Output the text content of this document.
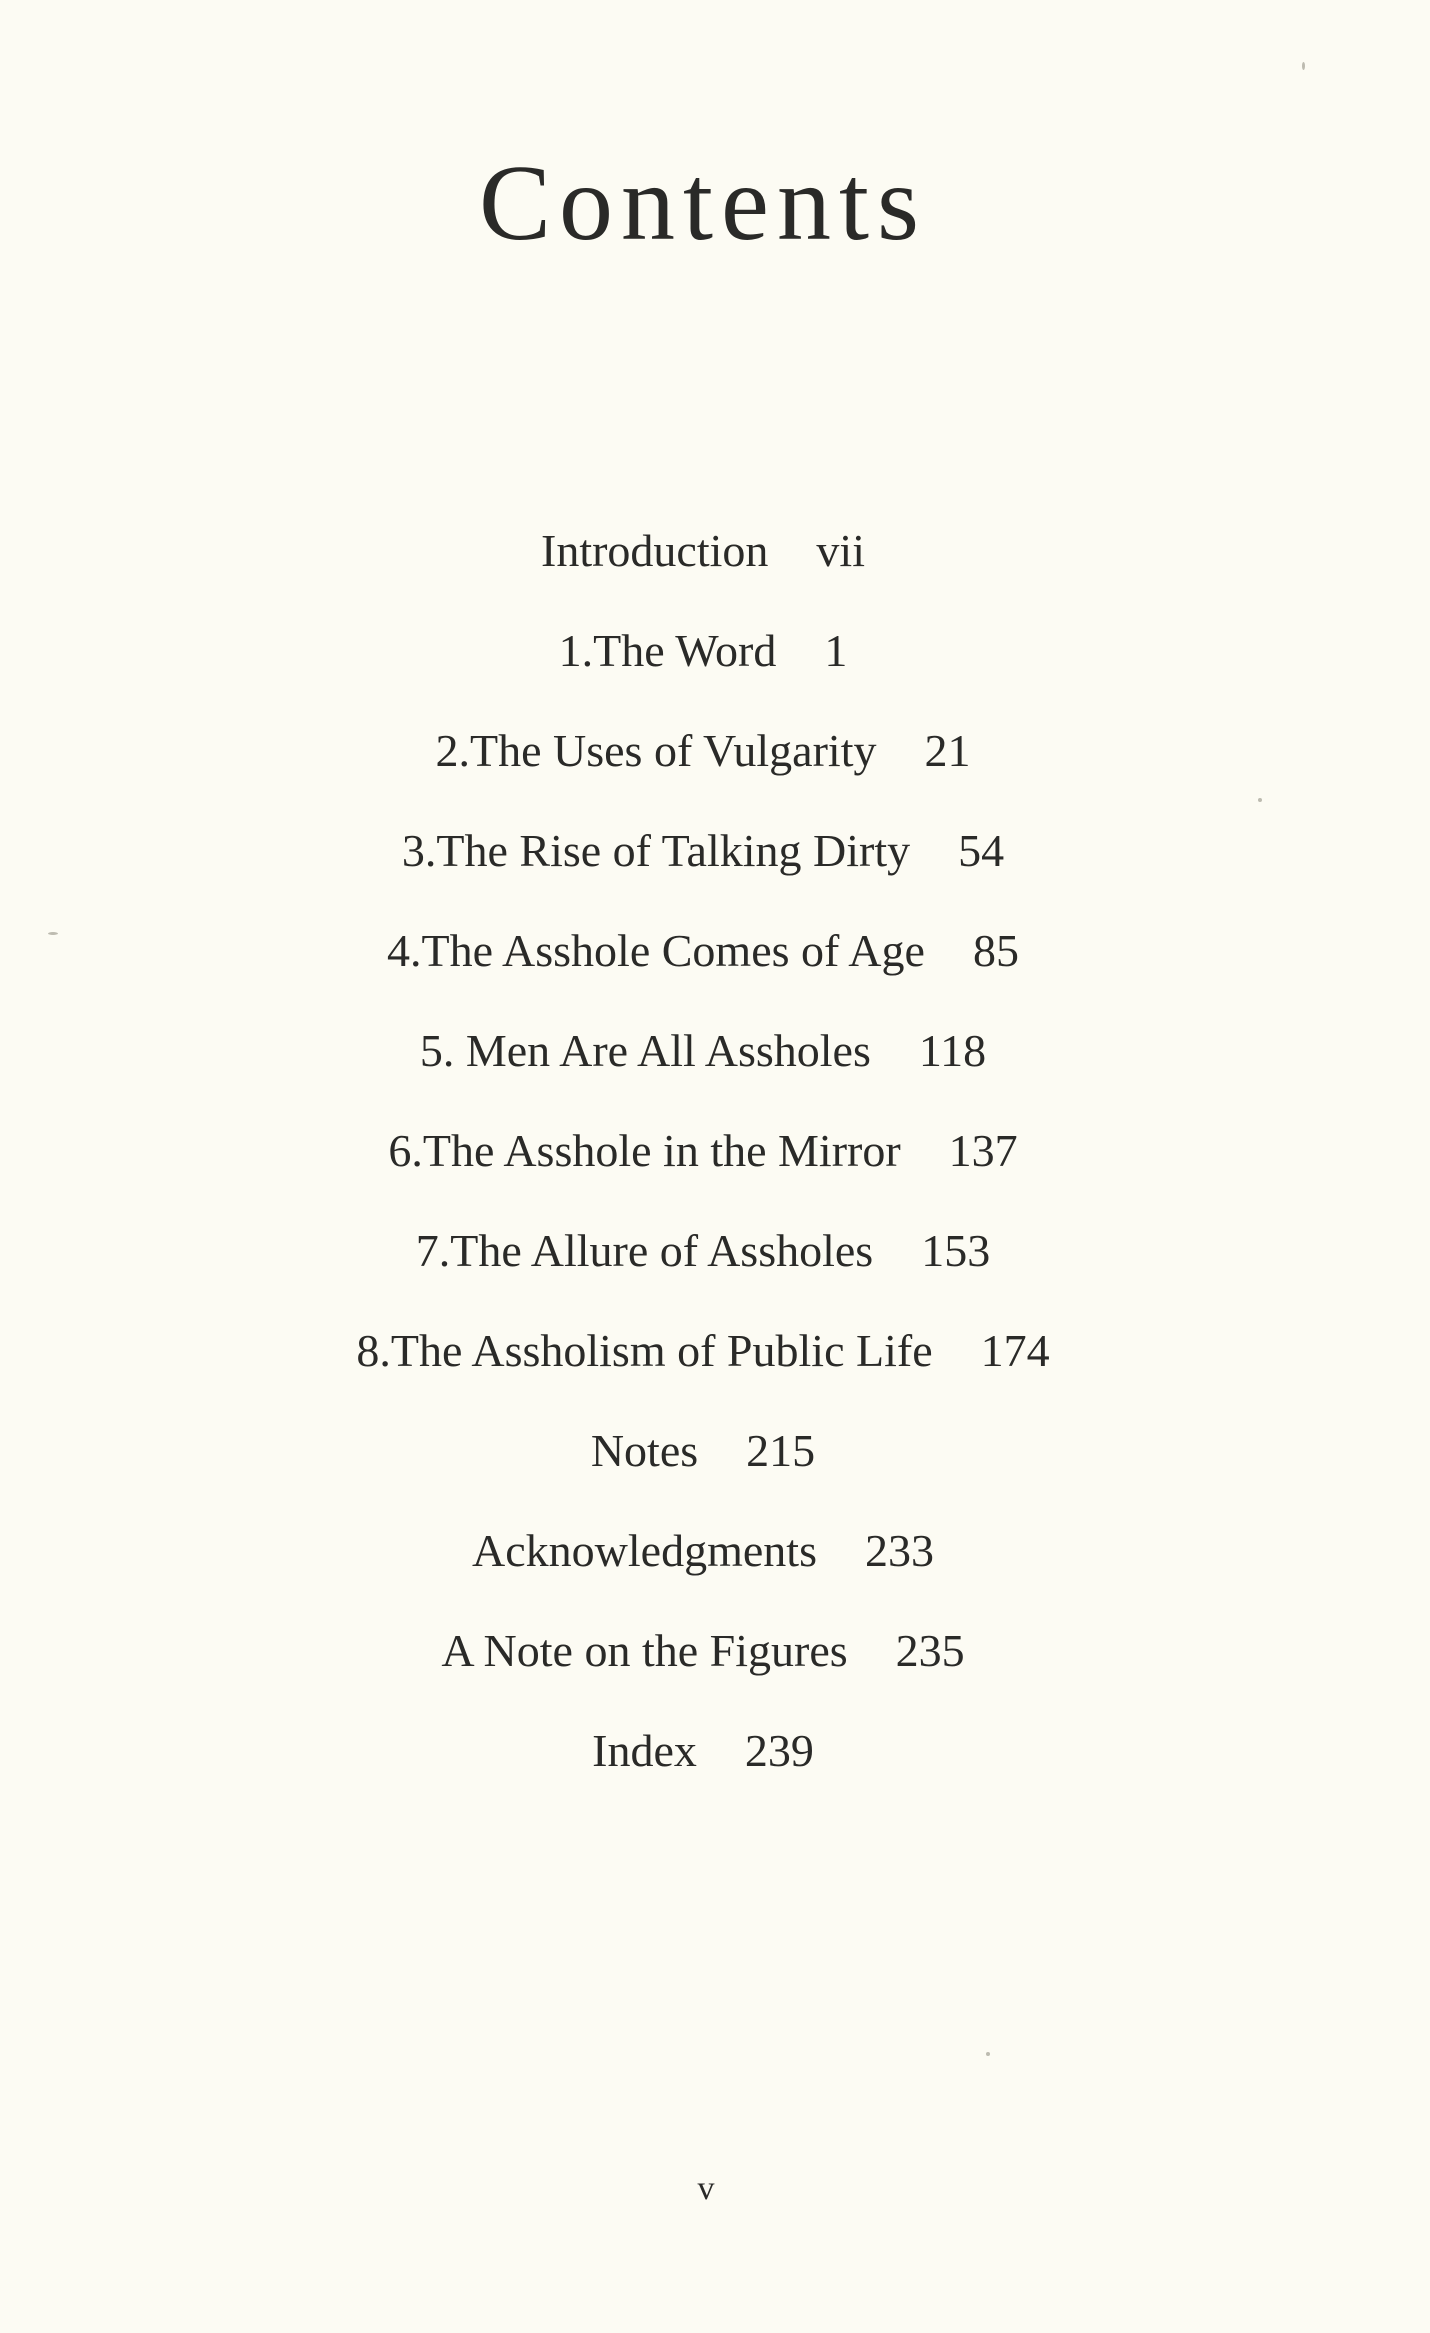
Contents
Introduction vii
1.The Word 1
2.The Uses of Vulgarity 21
3.The Rise of Talking Dirty 54
4.The Asshole Comes of Age 85
5. Men Are All Assholes 118
6.The Asshole in the Mirror 137
7.The Allure of Assholes 153
8.The Assholism of Public Life 174
Notes 215
Acknowledgments 233
A Note on the Figures 235
Index 239
v
